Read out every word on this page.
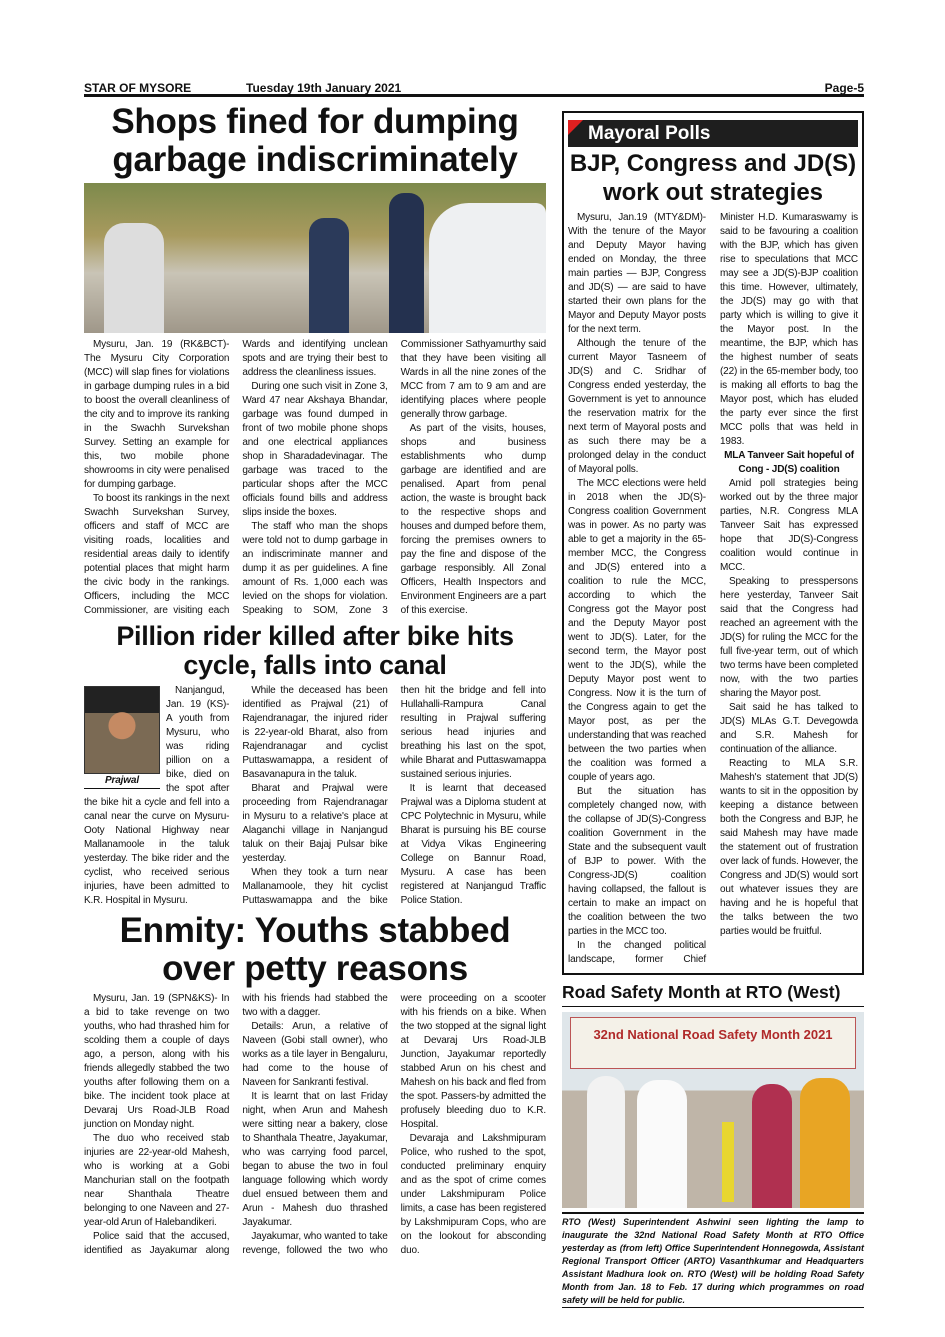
STAR OF MYSORE	Tuesday 19th January 2021	Page-5
Shops fined for dumping
garbage indiscriminately

Mysuru, Jan. 19 (RK&BCT)- The Mysuru City Corporation (MCC) will slap fines for violations in garbage dumping rules in a bid to boost the overall cleanliness of the city and to improve its ranking in the Swachh Survekshan Survey. Setting an example for this, two mobile phone showrooms in city were penalised for dumping garbage.

To boost its rankings in the next Swachh Survekshan Survey, officers and staff of MCC are visiting roads, localities and residential areas daily to identify potential places that might harm the civic body in the rankings. Officers, including the MCC Commissioner, are visiting each Wards and identifying unclean spots and are trying their best to address the cleanliness issues.

During one such visit in Zone 3, Ward 47 near Akshaya Bhandar, garbage was found dumped in front of two mobile phone shops and one electrical appliances shop in Sharadadevinagar. The garbage was traced to the particular shops after the MCC officials found bills and address slips inside the boxes.

The staff who man the shops were told not to dump garbage in an indiscriminate manner and dump it as per guidelines. A fine amount of Rs. 1,000 each was levied on the shops for violation. Speaking to SOM, Zone 3 Commissioner Sathyamurthy said that they have been visiting all Wards in all the nine zones of the MCC from 7 am to 9 am and are identifying places where people generally throw garbage.

As part of the visits, houses, shops and business establishments who dump garbage are identified and are penalised. Apart from penal action, the waste is brought back to the respective shops and houses and dumped before them, forcing the premises owners to pay the fine and dispose of the garbage responsibly. All Zonal Officers, Health Inspectors and Environment Engineers are a part of this exercise.

Pillion rider killed after bike hits
cycle, falls into canal
Prajwal

Nanjangud, Jan. 19 (KS)- A youth from Mysuru, who was riding pillion on a bike, died on the spot after the bike hit a cycle and fell into a canal near the curve on Mysuru-Ooty National Highway near Mallanamoole in the taluk yesterday. The bike rider and the cyclist, who received serious injuries, have been admitted to K.R. Hospital in Mysuru.

While the deceased has been identified as Prajwal (21) of Rajendranagar, the injured rider is 22-year-old Bharat, also from Rajendranagar and cyclist Puttaswamappa, a resident of Basavanapura in the taluk.

Bharat and Prajwal were proceeding from Rajendranagar in Mysuru to a relative's place at Alaganchi village in Nanjangud taluk on their Bajaj Pulsar bike yesterday.

When they took a turn near Mallanamoole, they hit cyclist Puttaswamappa and the bike then hit the bridge and fell into Hullahalli-Rampura Canal resulting in Prajwal suffering serious head injuries and breathing his last on the spot, while Bharat and Puttaswamappa sustained serious injuries.

It is learnt that deceased Prajwal was a Diploma student at CPC Polytechnic in Mysuru, while Bharat is pursuing his BE course at Vidya Vikas Engineering College on Bannur Road, Mysuru. A case has been registered at Nanjangud Traffic Police Station.

Enmity: Youths stabbed
over petty reasons

Mysuru, Jan. 19 (SPN&KS)- In a bid to take revenge on two youths, who had thrashed him for scolding them a couple of days ago, a person, along with his friends allegedly stabbed the two youths after following them on a bike. The incident took place at Devaraj Urs Road-JLB Road junction on Monday night.

The duo who received stab injuries are 22-year-old Mahesh, who is working at a Gobi Manchurian stall on the footpath near Shanthala Theatre belonging to one Naveen and 27-year-old Arun of Halebandikeri.

Police said that the accused, identified as Jayakumar along with his friends had stabbed the two with a dagger.

Details: Arun, a relative of Naveen (Gobi stall owner), who works as a tile layer in Bengaluru, had come to the house of Naveen for Sankranti festival.

It is learnt that on last Friday night, when Arun and Mahesh were sitting near a bakery, close to Shanthala Theatre, Jayakumar, who was carrying food parcel, began to abuse the two in foul language following which wordy duel ensued between them and Arun - Mahesh duo thrashed Jayakumar.

Jayakumar, who wanted to take revenge, followed the two who were proceeding on a scooter with his friends on a bike. When the two stopped at the signal light at Devaraj Urs Road-JLB Junction, Jayakumar reportedly stabbed Arun on his chest and Mahesh on his back and fled from the spot. Passers-by admitted the profusely bleeding duo to K.R. Hospital.

Devaraja and Lakshmipuram Police, who rushed to the spot, conducted preliminary enquiry and as the spot of crime comes under Lakshmipuram Police limits, a case has been registered by Lakshmipuram Cops, who are on the lookout for absconding duo.

Mayoral Polls
BJP, Congress and JD(S)
work out strategies

Mysuru, Jan.19 (MTY&DM)- With the tenure of the Mayor and Deputy Mayor having ended on Monday, the three main parties — BJP, Congress and JD(S) — are said to have started their own plans for the Mayor and Deputy Mayor posts for the next term.

Although the tenure of the current Mayor Tasneem of JD(S) and C. Sridhar of Congress ended yesterday, the Government is yet to announce the reservation matrix for the next term of Mayoral posts and as such there may be a prolonged delay in the conduct of Mayoral polls.

The MCC elections were held in 2018 when the JD(S)-Congress coalition Government was in power. As no party was able to get a majority in the 65-member MCC, the Congress and JD(S) entered into a coalition to rule the MCC, according to which the Congress got the Mayor post and the Deputy Mayor post went to JD(S). Later, for the second term, the Mayor post went to the JD(S), while the Deputy Mayor post went to Congress. Now it is the turn of the Congress again to get the Mayor post, as per the understanding that was reached between the two parties when the coalition was formed a couple of years ago.

But the situation has completely changed now, with the collapse of JD(S)-Congress coalition Government in the State and the subsequent vault of BJP to power. With the Congress-JD(S) coalition having collapsed, the fallout is certain to make an impact on the coalition between the two parties in the MCC too.

In the changed political landscape, former Chief Minister H.D. Kumaraswamy is said to be favouring a coalition with the BJP, which has given rise to speculations that MCC may see a JD(S)-BJP coalition this time. However, ultimately, the JD(S) may go with that party which is willing to give it the Mayor post. In the meantime, the BJP, which has the highest number of seats (22) in the 65-member body, too is making all efforts to bag the Mayor post, which has eluded the party ever since the first MCC polls that was held in 1983.

MLA Tanveer Sait hopeful of Cong - JD(S) coalition

Amid poll strategies being worked out by the three major parties, N.R. Congress MLA Tanveer Sait has expressed hope that JD(S)-Congress coalition would continue in MCC.

Speaking to presspersons here yesterday, Tanveer Sait said that the Congress had reached an agreement with the JD(S) for ruling the MCC for the full five-year term, out of which two terms have been completed now, with the two parties sharing the Mayor post.

Sait said he has talked to JD(S) MLAs G.T. Devegowda and S.R. Mahesh for continuation of the alliance.

Reacting to MLA S.R. Mahesh's statement that JD(S) wants to sit in the opposition by keeping a distance between both the Congress and BJP, he said Mahesh may have made the statement out of frustration over lack of funds. However, the Congress and JD(S) would sort out whatever issues they are having and he is hopeful that the talks between the two parties would be fruitful.

Road Safety Month at RTO (West)
32nd National Road Safety Month 2021
RTO (West) Superintendent Ashwini seen lighting the lamp to inaugurate the 32nd National Road Safety Month at RTO Office yesterday as (from left) Office Superintendent Honnegowda, Assistant Regional Transport Officer (ARTO) Vasanthkumar and Headquarters Assistant Madhura look on. RTO (West) will be holding Road Safety Month from Jan. 18 to Feb. 17 during which programmes on road safety will be held for public.
